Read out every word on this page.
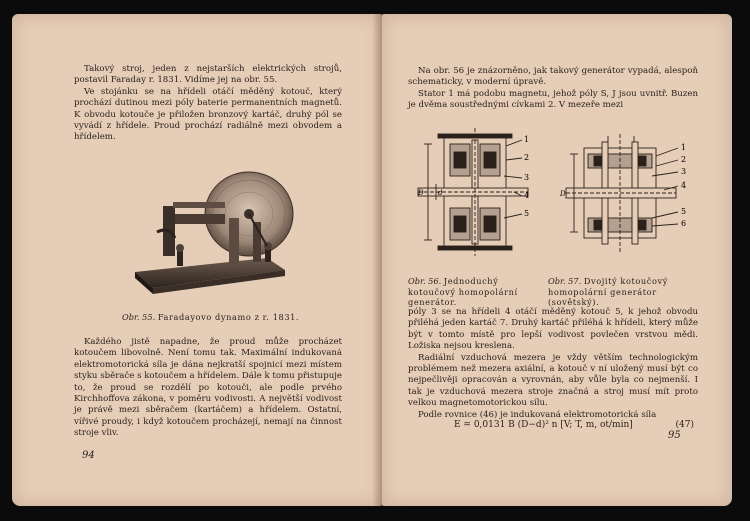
Takový stroj, jeden z nejstarších elektrických strojů, postavil Faraday r. 1831. Vidíme jej na obr. 55.

Ve stojánku se na hřídeli otáčí měděný kotouč, který prochází dutinou mezi póly baterie permanentních magnetů. K obvodu kotouče je přiložen bronzový kartáč, druhý pól se vyvádí z hřídele. Proud prochází radiálně mezi obvodem a hřídelem.

Obr. 55. Faradayovo dynamo z r. 1831.

Každého jistě napadne, že proud může procházet kotoučem libovolně. Není tomu tak. Maximální indukovaná elektromotorická síla je dána nejkratší spojnicí mezi místem styku sběrače s kotoučem a hřídelem. Dále k tomu přistupuje to, že proud se rozdělí po kotouči, ale podle prvého Kirchhoffova zákona, v poměru vodivosti. A největší vodivost je právě mezi sběračem (kartáčem) a hřídelem. Ostatní, vířivé proudy, i když kotoučem procházejí, nemají na činnost stroje vliv.

94

Na obr. 56 je znázorněno, jak takový generátor vypadá, alespoň schematicky, v moderní úpravě.

Stator 1 má podobu magnetu, jehož póly S, J jsou uvnitř. Buzen je dvěma soustřednými cívkami 2. V mezeře mezi

1
2
3
4
5
D d
1
2
3
4
5
6
D
Obr. 56. Jednoduchý kotoučový homopolární generátor.
Obr. 57. Dvojitý kotoučový homopolární generátor (sovětský).

póly 3 se na hřídeli 4 otáčí měděný kotouč 5, k jehož obvodu přiléhá jeden kartáč 7. Druhý kartáč přiléhá k hřídeli, který může být v tomto místě pro lepší vodivost povlečen vrstvou mědi. Ložiska nejsou kreslena.

Radiální vzduchová mezera je vždy větším technologickým problémem než mezera axiální, a kotouč v ní uložený musí být co nejpečlivěji opracován a vyrovnán, aby vůle byla co nejmenší. I tak je vzduchová mezera stroje značná a stroj musí mít proto velkou magnetomotorickou sílu.

Podle rovnice (46) je indukovaná elektromotorická síla

E = 0,0131 B (D−d)² n [V; T, m, ot/min]	(47)
95
